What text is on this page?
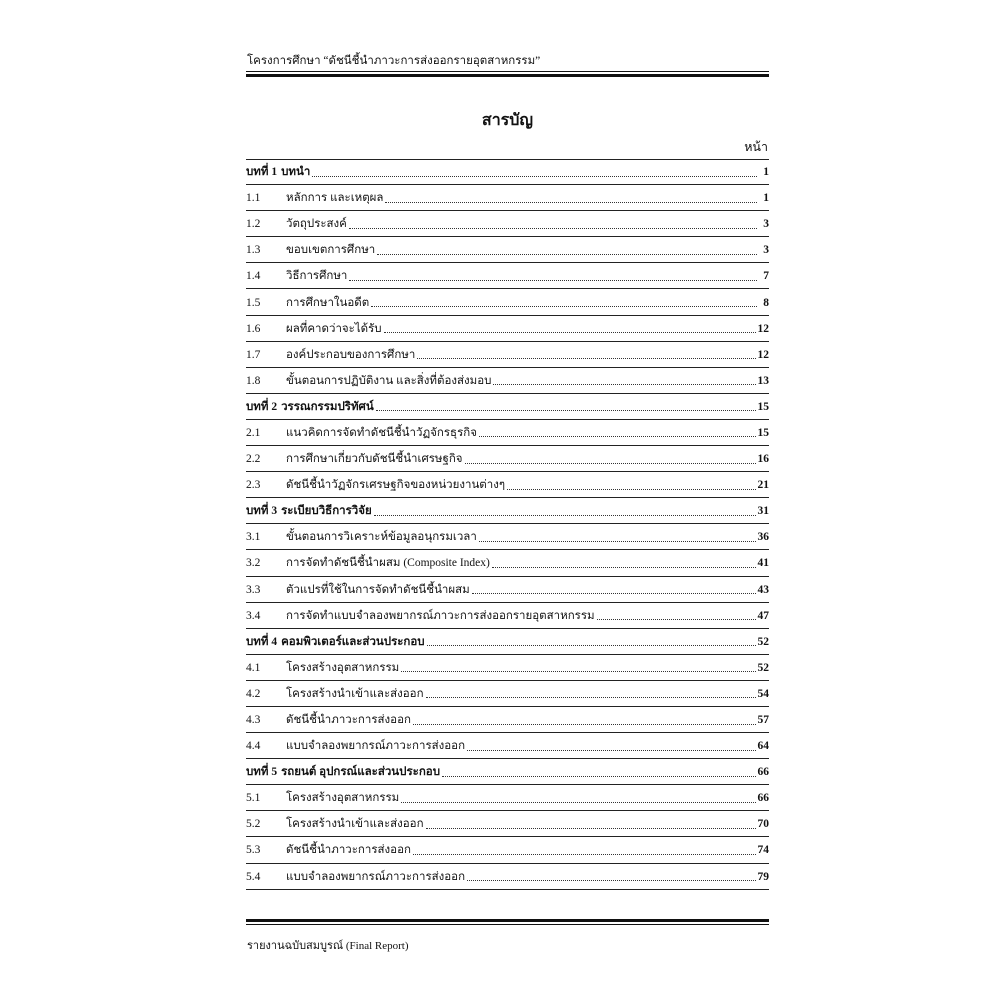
โครงการศึกษา “ดัชนีชี้นำภาวะการส่งออกรายอุตสาหกรรม”
สารบัญ
หน้า
บทที่ 1 บทนำ	1
1.1	หลักการ และเหตุผล	1
1.2	วัตถุประสงค์	3
1.3	ขอบเขตการศึกษา	3
1.4	วิธีการศึกษา	7
1.5	การศึกษาในอดีต	8
1.6	ผลที่คาดว่าจะได้รับ	12
1.7	องค์ประกอบของการศึกษา	12
1.8	ขั้นตอนการปฏิบัติงาน และสิ่งที่ต้องส่งมอบ	13
บทที่ 2 วรรณกรรมปริทัศน์	15
2.1	แนวคิดการจัดทำดัชนีชี้นำวัฏจักรธุรกิจ	15
2.2	การศึกษาเกี่ยวกับดัชนีชี้นำเศรษฐกิจ	16
2.3	ดัชนีชี้นำวัฏจักรเศรษฐกิจของหน่วยงานต่างๆ	21
บทที่ 3 ระเบียบวิธีการวิจัย	31
3.1	ขั้นตอนการวิเคราะห์ข้อมูลอนุกรมเวลา	36
3.2	การจัดทำดัชนีชี้นำผสม (Composite Index)	41
3.3	ตัวแปรที่ใช้ในการจัดทำดัชนีชี้นำผสม	43
3.4	การจัดทำแบบจำลองพยากรณ์ภาวะการส่งออกรายอุตสาหกรรม	47
บทที่ 4 คอมพิวเตอร์และส่วนประกอบ	52
4.1	โครงสร้างอุตสาหกรรม	52
4.2	โครงสร้างนำเข้าและส่งออก	54
4.3	ดัชนีชี้นำภาวะการส่งออก	57
4.4	แบบจำลองพยากรณ์ภาวะการส่งออก	64
บทที่ 5 รถยนต์ อุปกรณ์และส่วนประกอบ	66
5.1	โครงสร้างอุตสาหกรรม	66
5.2	โครงสร้างนำเข้าและส่งออก	70
5.3	ดัชนีชี้นำภาวะการส่งออก	74
5.4	แบบจำลองพยากรณ์ภาวะการส่งออก	79
รายงานฉบับสมบูรณ์ (Final Report)
